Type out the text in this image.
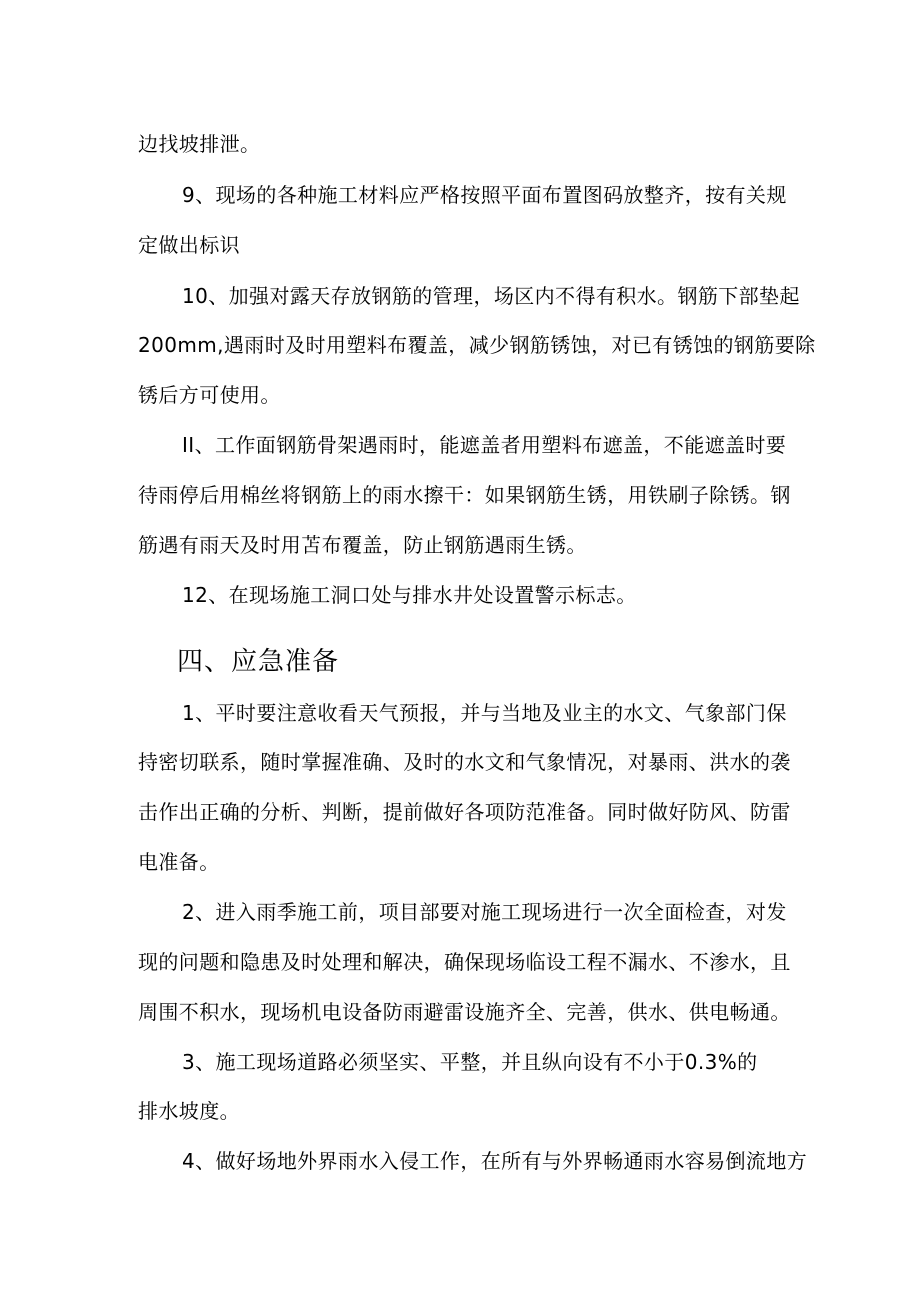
边找坡排泄。
9、现场的各种施工材料应严格按照平面布置图码放整齐，按有关规
定做出标识
10、加强对露天存放钢筋的管理，场区内不得有积水。钢筋下部垫起
200mm,遇雨时及时用塑料布覆盖，减少钢筋锈蚀，对已有锈蚀的钢筋要除
锈后方可使用。
II、工作面钢筋骨架遇雨时，能遮盖者用塑料布遮盖，不能遮盖时要
待雨停后用棉丝将钢筋上的雨水擦干：如果钢筋生锈，用铁刷子除锈。钢
筋遇有雨天及时用苫布覆盖，防止钢筋遇雨生锈。
12、在现场施工洞口处与排水井处设置警示标志。
四、应急准备
1、平时要注意收看天气预报，并与当地及业主的水文、气象部门保
持密切联系，随时掌握准确、及时的水文和气象情况，对暴雨、洪水的袭
击作出正确的分析、判断，提前做好各项防范准备。同时做好防风、防雷
电准备。
2、进入雨季施工前，项目部要对施工现场进行一次全面检查，对发
现的问题和隐患及时处理和解决，确保现场临设工程不漏水、不渗水，且
周围不积水，现场机电设备防雨避雷设施齐全、完善，供水、供电畅通。
3、施工现场道路必须坚实、平整，并且纵向设有不小于0.3%的
排水坡度。
4、做好场地外界雨水入侵工作，在所有与外界畅通雨水容易倒流地方
